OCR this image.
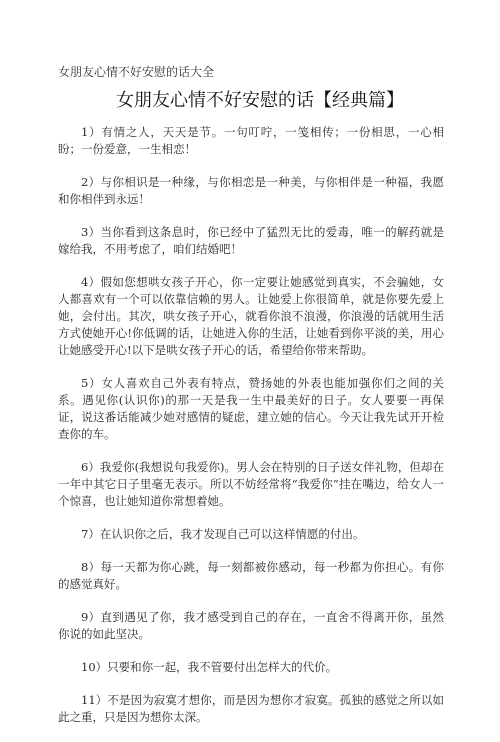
女朋友心情不好安慰的话大全
女朋友心情不好安慰的话【经典篇】

1）有情之人，天天是节。一句叮咛，一笺相传；一份相思，一心相盼；一份爱意，一生相恋！

2）与你相识是一种缘，与你相恋是一种美，与你相伴是一种福，我愿和你相伴到永远！

3）当你看到这条息时，你已经中了猛烈无比的爱毒，唯一的解药就是嫁给我，不用考虑了，咱们结婚吧！

4）假如您想哄女孩子开心，你一定要让她感觉到真实，不会骗她，女人都喜欢有一个可以依靠信赖的男人。让她爱上你很简单，就是你要先爱上她，会付出。其次，哄女孩子开心，就看你浪不浪漫，你浪漫的话就用生活方式使她开心!你低调的话，让她进入你的生活，让她看到你平淡的美，用心让她感受开心!以下是哄女孩子开心的话，希望给你带来帮助。

5）女人喜欢自己外表有特点，赞扬她的外表也能加强你们之间的关系。遇见你(认识你)的那一天是我一生中最美好的日子。女人要要一再保证，说这番话能减少她对感情的疑虑，建立她的信心。今天让我先试开开检查你的车。

6）我爱你(我想说句我爱你)。男人会在特别的日子送女伴礼物，但却在一年中其它日子里毫无表示。所以不妨经常将“我爱你”挂在嘴边，给女人一个惊喜，也让她知道你常想着她。

7）在认识你之后，我才发现自己可以这样情愿的付出。

8）每一天都为你心跳，每一刻都被你感动，每一秒都为你担心。有你的感觉真好。

9）直到遇见了你，我才感受到自己的存在，一直舍不得离开你，虽然你说的如此坚决。

10）只要和你一起，我不管要付出怎样大的代价。

11）不是因为寂寞才想你，而是因为想你才寂寞。孤独的感觉之所以如此之重，只是因为想你太深。
